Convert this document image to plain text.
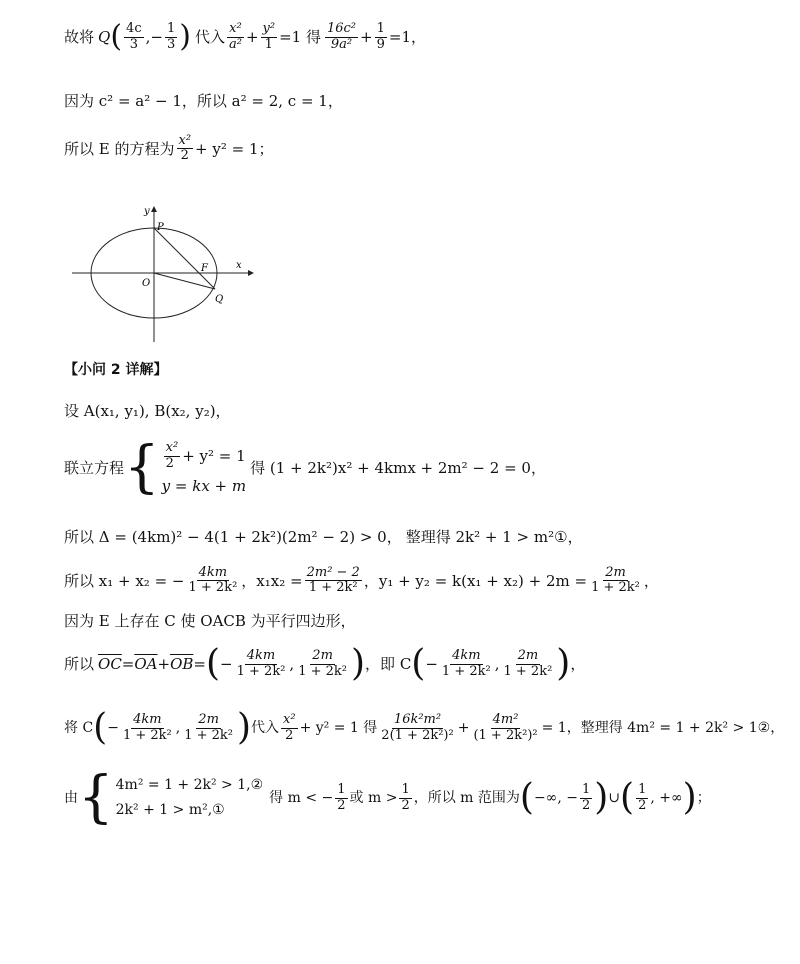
故将 Q ( $\frac{4c}{3}$ ,− $\frac{1}{3}$ ) 代入 $\frac{\text{x²}}{\text{a²}} + \frac{\text{y²}}{1} =1$ 得 $\frac{\text{16c²}}{\text{9a²}} + \frac{1}{9} =1$，
因为 c² = a² − 1，所以 a² = 2, c = 1，
所以 E 的方程为 $\frac{\text{x²}}{2} + y^2 = 1$；
y
x
P
O
F
Q
【小问 2 详解】
设 A(x₁, y₁), B(x₂, y₂)，
联立方程 { $\frac{\text{x²}}{2} + y^2 = 1$
y = kx + m
得 (1 + 2k²)x² + 4kmx + 2m² − 2 = 0，
所以 Δ = (4km)² − 4(1 + 2k²)(2m² − 2) > 0， 整理得 2k² + 1 > m²①，
所以 x₁ + x₂ = − $\frac{4km}{\text{1 + 2k²}}$ ，$x_1x_2 = \frac{\text{2m² − 2}}{\text{1 + 2k²}}$ ，$y_1 + y_2 = k(x_1 + x_2) + 2m = \frac{2m}{\text{1 + 2k²}}$ ，
因为 E 上存在 C 使 OACB 为平行四边形，
所以 $\overline{OC} = \overline{OA} + \overline{OB}$ = ( − $\frac{4km}{\text{1 + 2k²}}$ , $\frac{2m}{\text{1 + 2k²}}$ ) ，即 C ( − $\frac{4km}{\text{1 + 2k²}}$ , $\frac{2m}{\text{1 + 2k²}}$ ) ，
将 C ( − $\frac{4km}{\text{1 + 2k²}}$ , $\frac{2m}{\text{1 + 2k²}}$ ) 代入 $\frac{\text{x²}}{2} + y^2 = 1$ 得 $\frac{\text{16k²m²}}{\text{2(1 + 2k²)²}} + \frac{\text{4m²}}{\text{(1 + 2k²)²}} = 1$，整理得 4m² = 1 + 2k² > 1②，
由 { 4m² = 1 + 2k² > 1,②
2k² + 1 > m²,①
得 m < − $\frac{1}{2}$ 或 $m > \frac{1}{2}$ ，所以 m 范围为 ( −∞, − $\frac{1}{2}$ ) ∪ ( $\frac{1}{2}$ , +∞ ) ；
